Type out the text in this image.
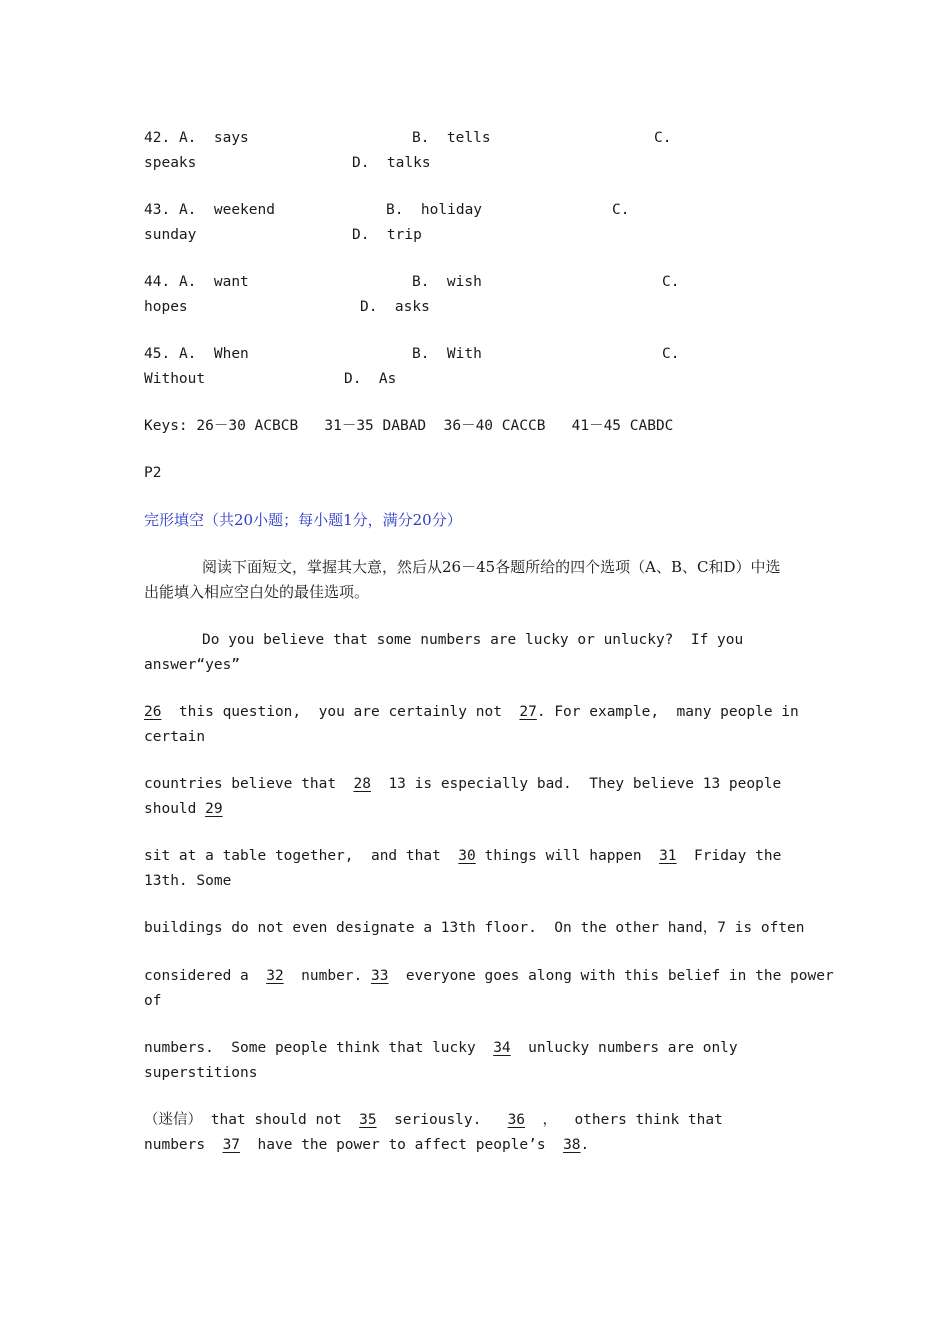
42. A.  says	B.  tells	C.
speaks	D.  talks
43. A.  weekend	B.  holiday	C.
sunday	D.  trip
44. A.  want	B.  wish	C.
hopes	D.  asks
45. A.  When	B.  With	C.
Without	D.  As
Keys: 26－30 ACBCB   31－35 DABAD  36－40 CACCB   41－45 CABDC
P2
完形填空（共20小题；每小题1分，满分20分）
阅读下面短文，掌握其大意，然后从26－45各题所给的四个选项（A、B、C和D）中选
出能填入相应空白处的最佳选项。
Do you believe that some numbers are lucky or unlucky?  If you
answer“yes”
26  this question,  you are certainly not  27. For example,  many people in
certain
countries believe that  28  13 is especially bad.  They believe 13 people
should 29
sit at a table together,  and that  30 things will happen  31  Friday the
13th. Some
buildings do not even designate a 13th floor.  On the other hand，7 is often
considered a  32  number. 33  everyone goes along with this belief in the power
of
numbers.  Some people think that lucky  34  unlucky numbers are only
superstitions
（迷信） that should not  35  seriously.   36  ，  others think that
numbers  37  have the power to affect people’s  38.
